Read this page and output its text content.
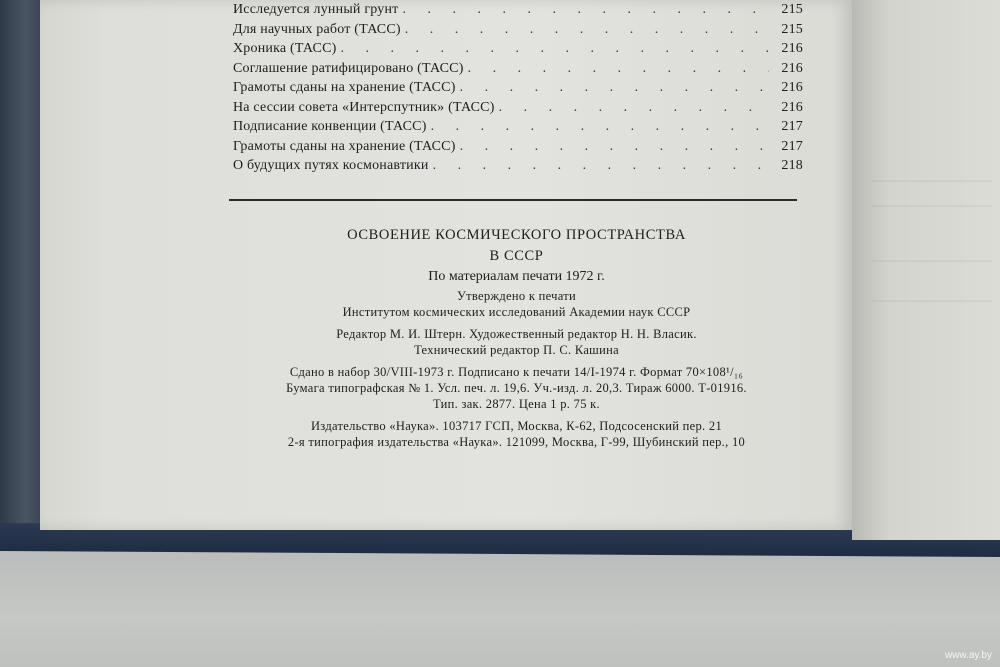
Исследуется лунный грунт . . .	215
Для научных работ (ТАСС) . . .	215
Хроника (ТАСС) . . .	216
Соглашение ратифицировано (ТАСС) . . .	216
Грамоты сданы на хранение (ТАСС) . . .	216
На сессии совета «Интерспутник» (ТАСС) . . .	216
Подписание конвенции (ТАСС) . . .	217
Грамоты сданы на хранение (ТАСС) . . .	217
О будущих путях космонавтики . . .	218
ОСВОЕНИЕ КОСМИЧЕСКОГО ПРОСТРАНСТВА
В СССР
По материалам печати 1972 г.
Утверждено к печати
Институтом космических исследований Академии наук СССР
Редактор М. И. Штерн. Художественный редактор Н. Н. Власик.
Технический редактор П. С. Кашина
Сдано в набор 30/VIII-1973 г. Подписано к печати 14/I-1974 г. Формат 70×108¹/₁₆
Бумага типографская № 1. Усл. печ. л. 19,6. Уч.-изд. л. 20,3. Тираж 6000. Т-01916.
Тип. зак. 2877. Цена 1 р. 75 к.
Издательство «Наука». 103717 ГСП, Москва, К-62, Подсосенский пер. 21
2-я типография издательства «Наука». 121099, Москва, Г-99, Шубинский пер., 10
www.ay.by
